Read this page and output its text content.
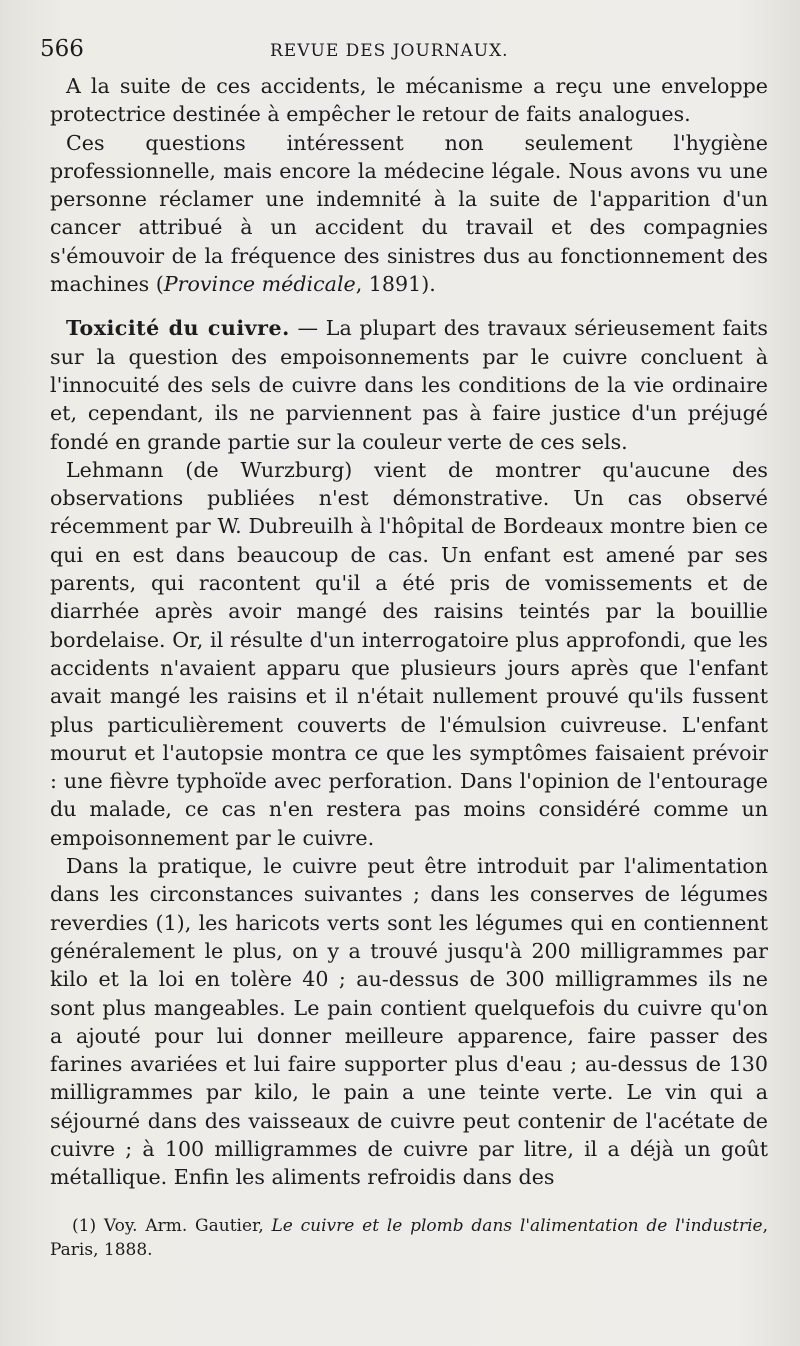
566	REVUE DES JOURNAUX.

A la suite de ces accidents, le mécanisme a reçu une enveloppe protectrice destinée à empêcher le retour de faits analogues.

Ces questions intéressent non seulement l'hygiène professionnelle, mais encore la médecine légale. Nous avons vu une personne réclamer une indemnité à la suite de l'apparition d'un cancer attribué à un accident du travail et des compagnies s'émouvoir de la fréquence des sinistres dus au fonctionnement des machines (Province médicale, 1891).

Toxicité du cuivre. — La plupart des travaux sérieusement faits sur la question des empoisonnements par le cuivre concluent à l'innocuité des sels de cuivre dans les conditions de la vie ordinaire et, cependant, ils ne parviennent pas à faire justice d'un préjugé fondé en grande partie sur la couleur verte de ces sels.

Lehmann (de Wurzburg) vient de montrer qu'aucune des observations publiées n'est démonstrative. Un cas observé récemment par W. Dubreuilh à l'hôpital de Bordeaux montre bien ce qui en est dans beaucoup de cas. Un enfant est amené par ses parents, qui racontent qu'il a été pris de vomissements et de diarrhée après avoir mangé des raisins teintés par la bouillie bordelaise. Or, il résulte d'un interrogatoire plus approfondi, que les accidents n'avaient apparu que plusieurs jours après que l'enfant avait mangé les raisins et il n'était nullement prouvé qu'ils fussent plus particulièrement couverts de l'émulsion cuivreuse. L'enfant mourut et l'autopsie montra ce que les symptômes faisaient prévoir : une fièvre typhoïde avec perforation. Dans l'opinion de l'entourage du malade, ce cas n'en restera pas moins considéré comme un empoisonnement par le cuivre.

Dans la pratique, le cuivre peut être introduit par l'alimentation dans les circonstances suivantes ; dans les conserves de légumes reverdies (1), les haricots verts sont les légumes qui en contiennent généralement le plus, on y a trouvé jusqu'à 200 milligrammes par kilo et la loi en tolère 40 ; au-dessus de 300 milligrammes ils ne sont plus mangeables. Le pain contient quelquefois du cuivre qu'on a ajouté pour lui donner meilleure apparence, faire passer des farines avariées et lui faire supporter plus d'eau ; au-dessus de 130 milligrammes par kilo, le pain a une teinte verte. Le vin qui a séjourné dans des vaisseaux de cuivre peut contenir de l'acétate de cuivre ; à 100 milligrammes de cuivre par litre, il a déjà un goût métallique. Enfin les aliments refroidis dans des

(1) Voy. Arm. Gautier, Le cuivre et le plomb dans l'alimentation de l'industrie, Paris, 1888.
